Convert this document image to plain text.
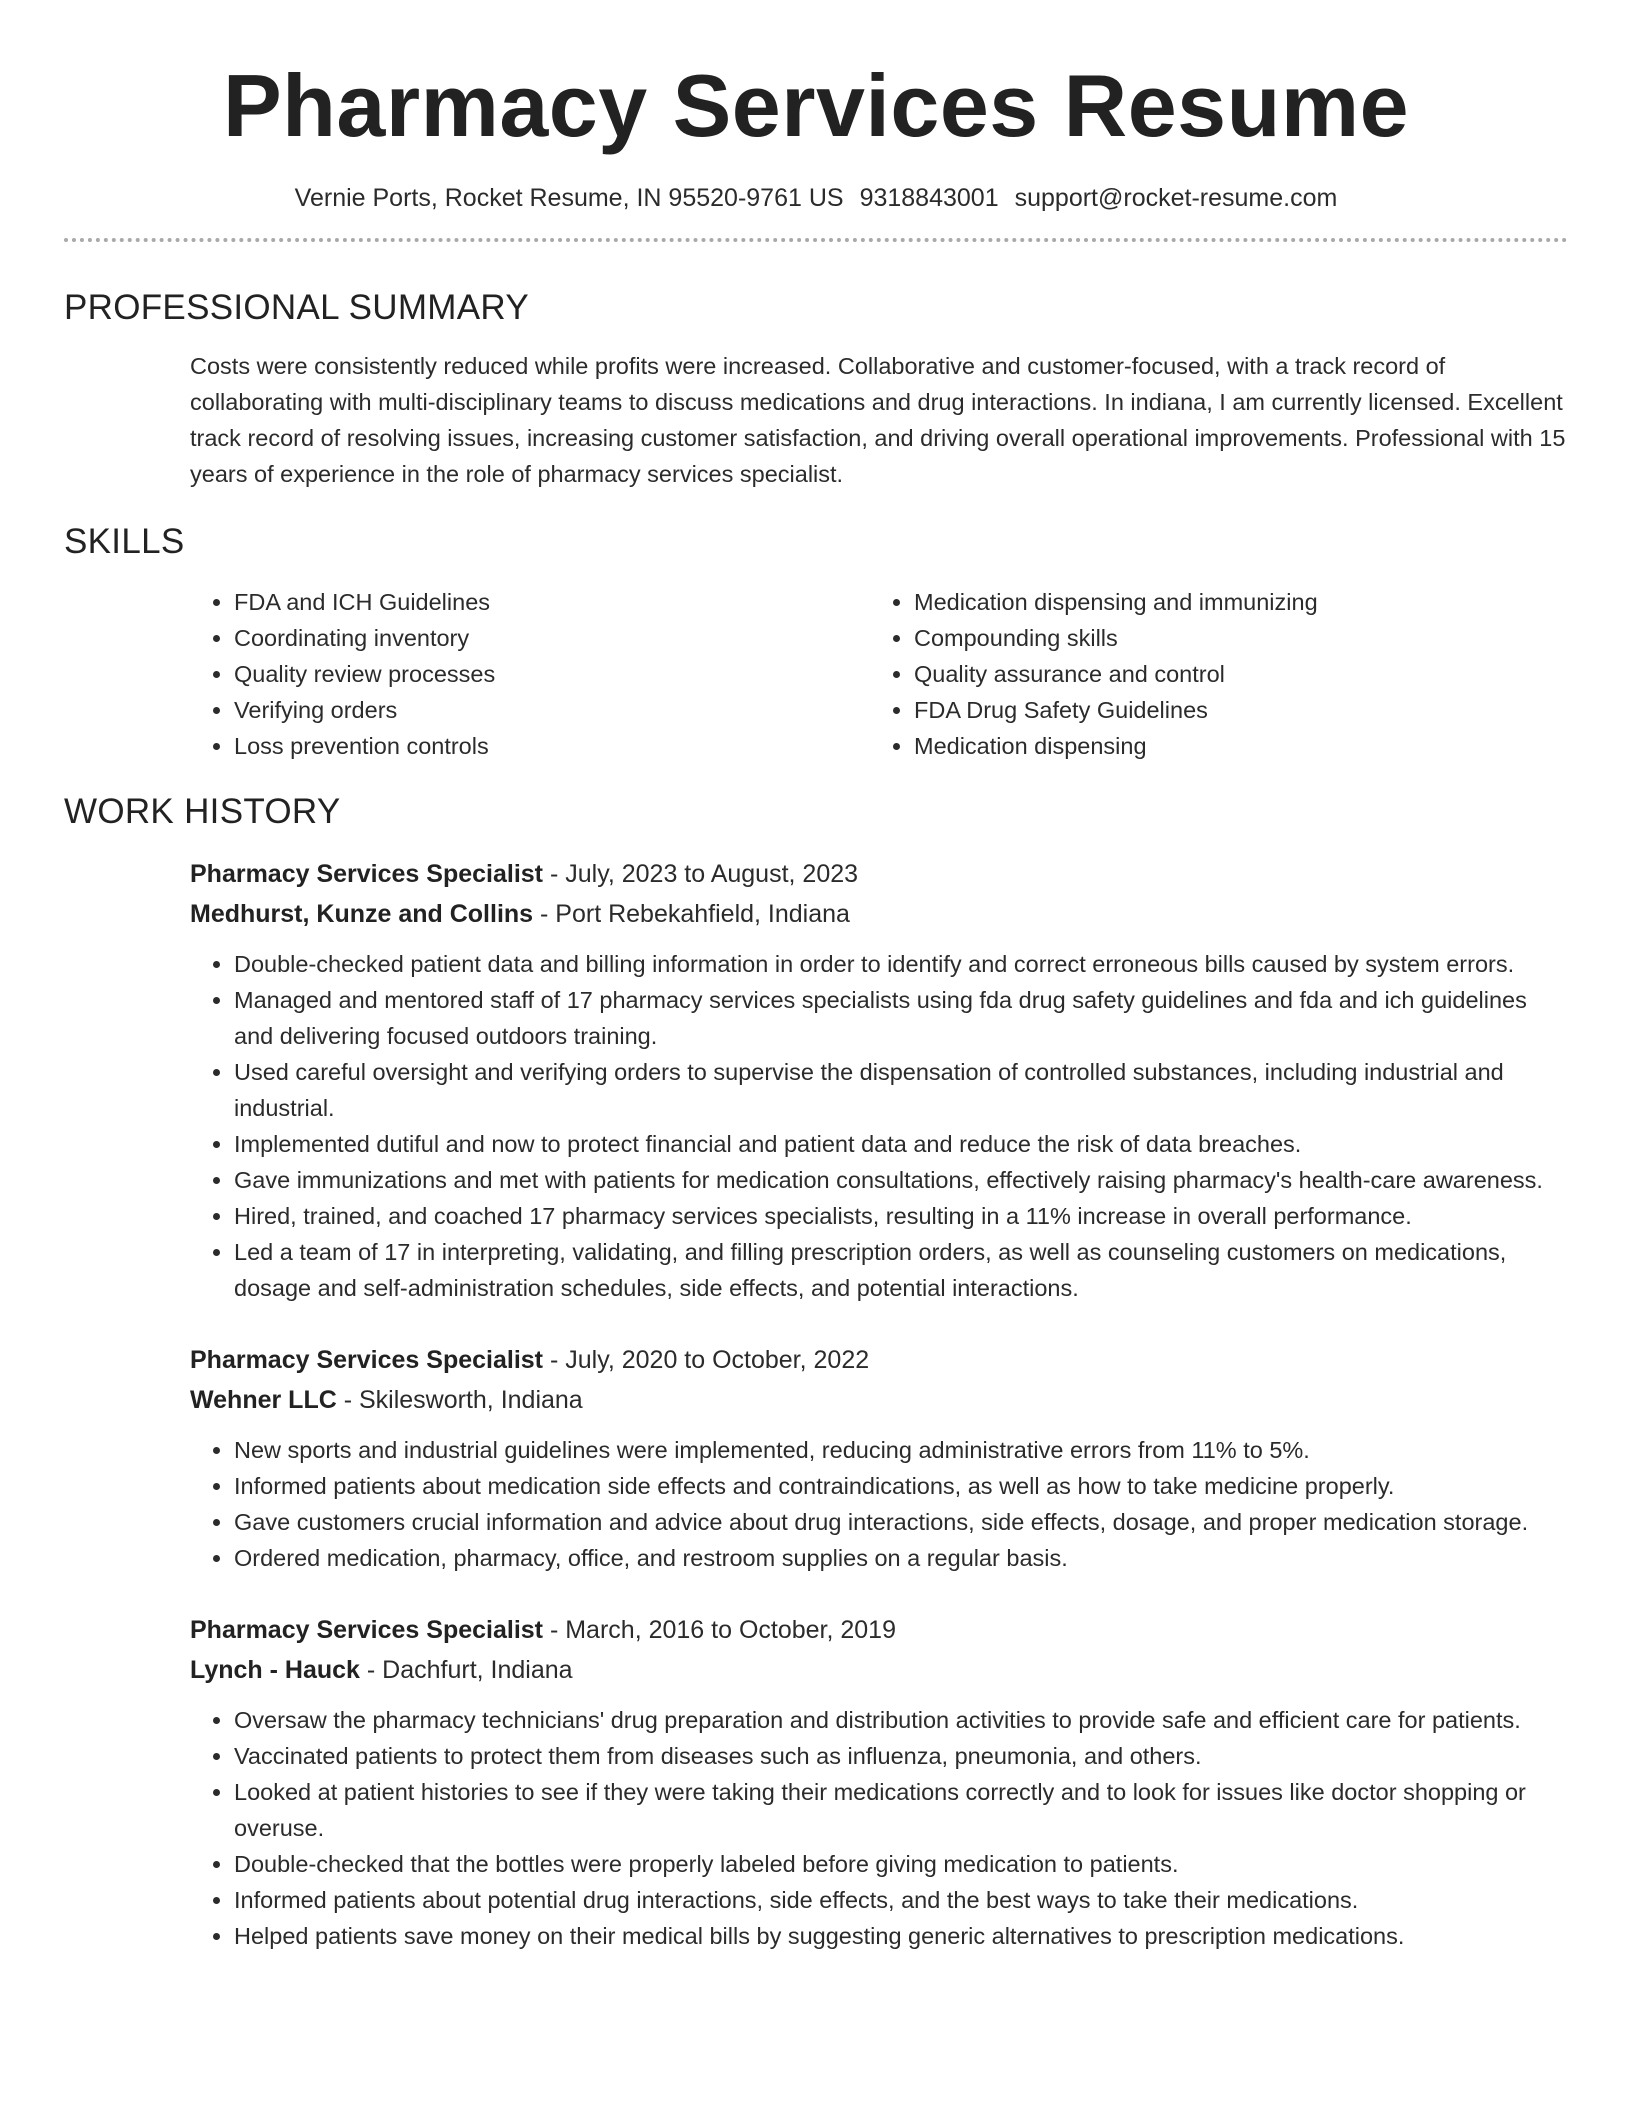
Pharmacy Services Resume
Vernie Ports, Rocket Resume, IN 95520-9761 US 9318843001 support@rocket-resume.com
PROFESSIONAL SUMMARY

Costs were consistently reduced while profits were increased. Collaborative and customer-focused, with a track record of collaborating with multi-disciplinary teams to discuss medications and drug interactions. In indiana, I am currently licensed. Excellent track record of resolving issues, increasing customer satisfaction, and driving overall operational improvements. Professional with 15 years of experience in the role of pharmacy services specialist.

SKILLS
• FDA and ICH Guidelines
• Coordinating inventory
• Quality review processes
• Verifying orders
• Loss prevention controls
• Medication dispensing and immunizing
• Compounding skills
• Quality assurance and control
• FDA Drug Safety Guidelines
• Medication dispensing
WORK HISTORY
Pharmacy Services Specialist - July, 2023 to August, 2023
Medhurst, Kunze and Collins - Port Rebekahfield, Indiana
• Double-checked patient data and billing information in order to identify and correct erroneous bills caused by system errors.
• Managed and mentored staff of 17 pharmacy services specialists using fda drug safety guidelines and fda and ich guidelines and delivering focused outdoors training.
• Used careful oversight and verifying orders to supervise the dispensation of controlled substances, including industrial and industrial.
• Implemented dutiful and now to protect financial and patient data and reduce the risk of data breaches.
• Gave immunizations and met with patients for medication consultations, effectively raising pharmacy's health-care awareness.
• Hired, trained, and coached 17 pharmacy services specialists, resulting in a 11% increase in overall performance.
• Led a team of 17 in interpreting, validating, and filling prescription orders, as well as counseling customers on medications, dosage and self-administration schedules, side effects, and potential interactions.
Pharmacy Services Specialist - July, 2020 to October, 2022
Wehner LLC - Skilesworth, Indiana
• New sports and industrial guidelines were implemented, reducing administrative errors from 11% to 5%.
• Informed patients about medication side effects and contraindications, as well as how to take medicine properly.
• Gave customers crucial information and advice about drug interactions, side effects, dosage, and proper medication storage.
• Ordered medication, pharmacy, office, and restroom supplies on a regular basis.
Pharmacy Services Specialist - March, 2016 to October, 2019
Lynch - Hauck - Dachfurt, Indiana
• Oversaw the pharmacy technicians' drug preparation and distribution activities to provide safe and efficient care for patients.
• Vaccinated patients to protect them from diseases such as influenza, pneumonia, and others.
• Looked at patient histories to see if they were taking their medications correctly and to look for issues like doctor shopping or overuse.
• Double-checked that the bottles were properly labeled before giving medication to patients.
• Informed patients about potential drug interactions, side effects, and the best ways to take their medications.
• Helped patients save money on their medical bills by suggesting generic alternatives to prescription medications.
